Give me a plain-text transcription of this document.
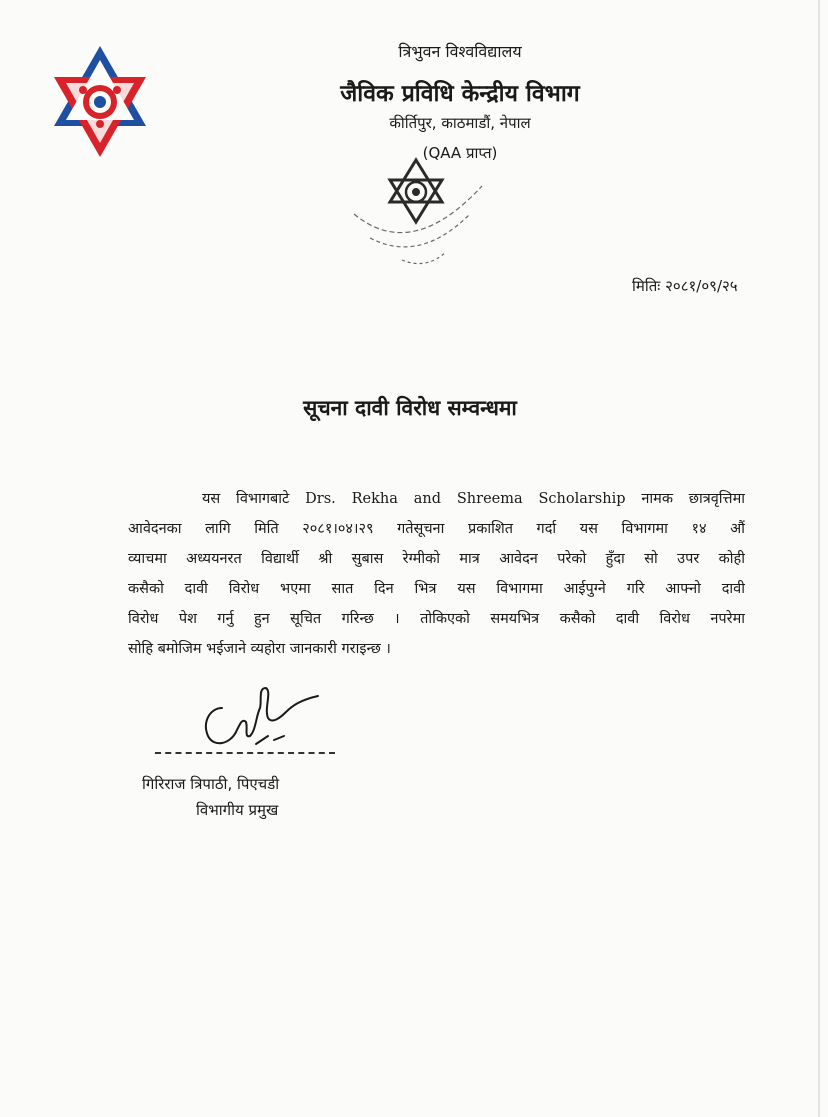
त्रिभुवन विश्वविद्यालय
जैविक प्रविधि केन्द्रीय विभाग
कीर्तिपुर, काठमाडौं, नेपाल
(QAA प्राप्त)
मितिः २०८१/०९/२५
सूचना दावी विरोध सम्वन्धमा
यस विभागबाटे Drs. Rekha and Shreema Scholarship नामक छात्रवृत्तिमा
आवेदनका लागि मिति २०८१।०४।२९ गतेसूचना प्रकाशित गर्दा यस विभागमा १४ औं
व्याचमा अध्ययनरत विद्यार्थी श्री सुबास रेग्मीको मात्र आवेदन परेको हुँदा सो उपर कोही
कसैको दावी विरोध भएमा सात दिन भित्र यस विभागमा आईपुग्ने गरि आफ्नो दावी
विरोध पेश गर्नु हुन सूचित गरिन्छ । तोकिएको समयभित्र कसैको दावी विरोध नपरेमा
सोहि बमोजिम भईजाने व्यहोरा जानकारी गराइन्छ ।
गिरिराज त्रिपाठी, पिएचडी
विभागीय प्रमुख
